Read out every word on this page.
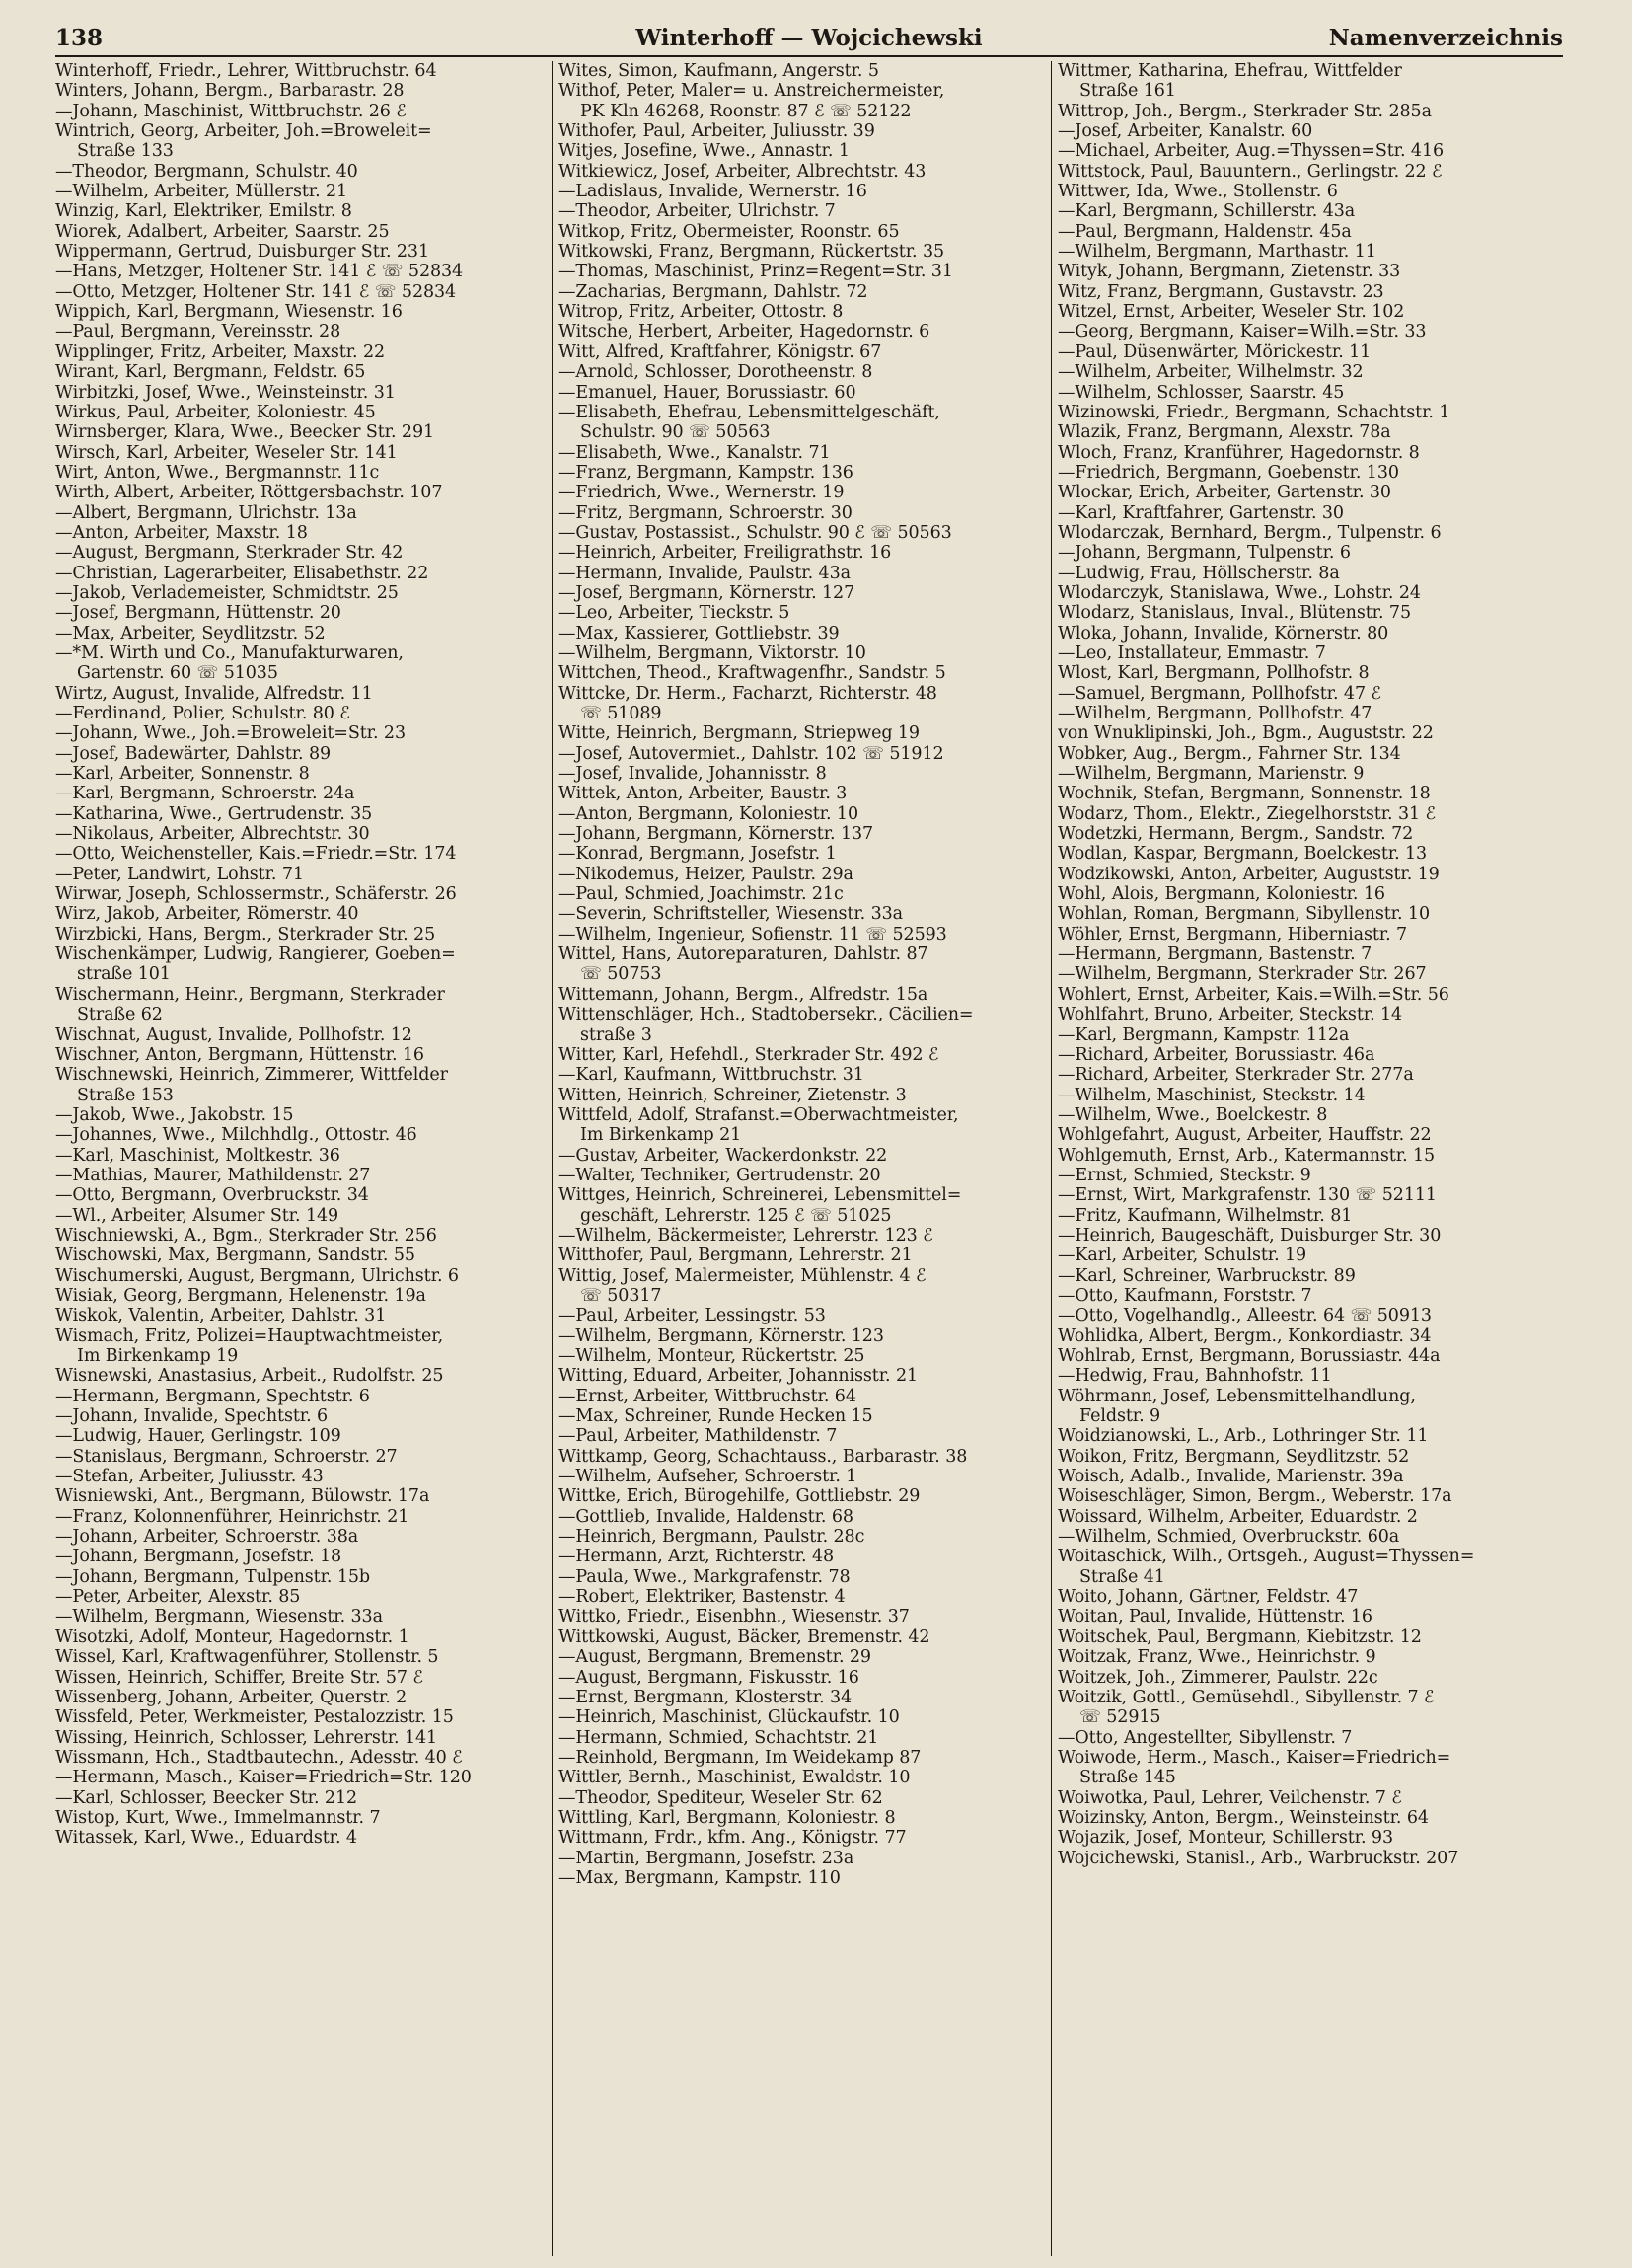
138	Winterhoff — Wojcichewski	Namenverzeichnis
Winterhoff, Friedr., Lehrer, Wittbruchstr. 64
Winters, Johann, Bergm., Barbarastr. 28
—Johann, Maschinist, Wittbruchstr. 26 ℰ
Wintrich, Georg, Arbeiter, Joh.=Broweleit=
Straße 133
—Theodor, Bergmann, Schulstr. 40
—Wilhelm, Arbeiter, Müllerstr. 21
Winzig, Karl, Elektriker, Emilstr. 8
Wiorek, Adalbert, Arbeiter, Saarstr. 25
Wippermann, Gertrud, Duisburger Str. 231
—Hans, Metzger, Holtener Str. 141 ℰ ☏ 52834
—Otto, Metzger, Holtener Str. 141 ℰ ☏ 52834
Wippich, Karl, Bergmann, Wiesenstr. 16
—Paul, Bergmann, Vereinsstr. 28
Wipplinger, Fritz, Arbeiter, Maxstr. 22
Wirant, Karl, Bergmann, Feldstr. 65
Wirbitzki, Josef, Wwe., Weinsteinstr. 31
Wirkus, Paul, Arbeiter, Koloniestr. 45
Wirnsberger, Klara, Wwe., Beecker Str. 291
Wirsch, Karl, Arbeiter, Weseler Str. 141
Wirt, Anton, Wwe., Bergmannstr. 11c
Wirth, Albert, Arbeiter, Röttgersbachstr. 107
—Albert, Bergmann, Ulrichstr. 13a
—Anton, Arbeiter, Maxstr. 18
—August, Bergmann, Sterkrader Str. 42
—Christian, Lagerarbeiter, Elisabethstr. 22
—Jakob, Verlademeister, Schmidtstr. 25
—Josef, Bergmann, Hüttenstr. 20
—Max, Arbeiter, Seydlitzstr. 52
—*M. Wirth und Co., Manufakturwaren,
Gartenstr. 60 ☏ 51035
Wirtz, August, Invalide, Alfredstr. 11
—Ferdinand, Polier, Schulstr. 80 ℰ
—Johann, Wwe., Joh.=Broweleit=Str. 23
—Josef, Badewärter, Dahlstr. 89
—Karl, Arbeiter, Sonnenstr. 8
—Karl, Bergmann, Schroerstr. 24a
—Katharina, Wwe., Gertrudenstr. 35
—Nikolaus, Arbeiter, Albrechtstr. 30
—Otto, Weichensteller, Kais.=Friedr.=Str. 174
—Peter, Landwirt, Lohstr. 71
Wirwar, Joseph, Schlossermstr., Schäferstr. 26
Wirz, Jakob, Arbeiter, Römerstr. 40
Wirzbicki, Hans, Bergm., Sterkrader Str. 25
Wischenkämper, Ludwig, Rangierer, Goeben=
straße 101
Wischermann, Heinr., Bergmann, Sterkrader
Straße 62
Wischnat, August, Invalide, Pollhofstr. 12
Wischner, Anton, Bergmann, Hüttenstr. 16
Wischnewski, Heinrich, Zimmerer, Wittfelder
Straße 153
—Jakob, Wwe., Jakobstr. 15
—Johannes, Wwe., Milchhdlg., Ottostr. 46
—Karl, Maschinist, Moltkestr. 36
—Mathias, Maurer, Mathildenstr. 27
—Otto, Bergmann, Overbruckstr. 34
—Wl., Arbeiter, Alsumer Str. 149
Wischniewski, A., Bgm., Sterkrader Str. 256
Wischowski, Max, Bergmann, Sandstr. 55
Wischumerski, August, Bergmann, Ulrichstr. 6
Wisiak, Georg, Bergmann, Helenenstr. 19a
Wiskok, Valentin, Arbeiter, Dahlstr. 31
Wismach, Fritz, Polizei=Hauptwachtmeister,
Im Birkenkamp 19
Wisnewski, Anastasius, Arbeit., Rudolfstr. 25
—Hermann, Bergmann, Spechtstr. 6
—Johann, Invalide, Spechtstr. 6
—Ludwig, Hauer, Gerlingstr. 109
—Stanislaus, Bergmann, Schroerstr. 27
—Stefan, Arbeiter, Juliusstr. 43
Wisniewski, Ant., Bergmann, Bülowstr. 17a
—Franz, Kolonnenführer, Heinrichstr. 21
—Johann, Arbeiter, Schroerstr. 38a
—Johann, Bergmann, Josefstr. 18
—Johann, Bergmann, Tulpenstr. 15b
—Peter, Arbeiter, Alexstr. 85
—Wilhelm, Bergmann, Wiesenstr. 33a
Wisotzki, Adolf, Monteur, Hagedornstr. 1
Wissel, Karl, Kraftwagenführer, Stollenstr. 5
Wissen, Heinrich, Schiffer, Breite Str. 57 ℰ
Wissenberg, Johann, Arbeiter, Querstr. 2
Wissfeld, Peter, Werkmeister, Pestalozzistr. 15
Wissing, Heinrich, Schlosser, Lehrerstr. 141
Wissmann, Hch., Stadtbautechn., Adesstr. 40 ℰ
—Hermann, Masch., Kaiser=Friedrich=Str. 120
—Karl, Schlosser, Beecker Str. 212
Wistop, Kurt, Wwe., Immelmannstr. 7
Witassek, Karl, Wwe., Eduardstr. 4
Wites, Simon, Kaufmann, Angerstr. 5
Withof, Peter, Maler= u. Anstreichermeister,
PK Kln 46268, Roonstr. 87 ℰ ☏ 52122
Withofer, Paul, Arbeiter, Juliusstr. 39
Witjes, Josefine, Wwe., Annastr. 1
Witkiewicz, Josef, Arbeiter, Albrechtstr. 43
—Ladislaus, Invalide, Wernerstr. 16
—Theodor, Arbeiter, Ulrichstr. 7
Witkop, Fritz, Obermeister, Roonstr. 65
Witkowski, Franz, Bergmann, Rückertstr. 35
—Thomas, Maschinist, Prinz=Regent=Str. 31
—Zacharias, Bergmann, Dahlstr. 72
Witrop, Fritz, Arbeiter, Ottostr. 8
Witsche, Herbert, Arbeiter, Hagedornstr. 6
Witt, Alfred, Kraftfahrer, Königstr. 67
—Arnold, Schlosser, Dorotheenstr. 8
—Emanuel, Hauer, Borussiastr. 60
—Elisabeth, Ehefrau, Lebensmittelgeschäft,
Schulstr. 90 ☏ 50563
—Elisabeth, Wwe., Kanalstr. 71
—Franz, Bergmann, Kampstr. 136
—Friedrich, Wwe., Wernerstr. 19
—Fritz, Bergmann, Schroerstr. 30
—Gustav, Postassist., Schulstr. 90 ℰ ☏ 50563
—Heinrich, Arbeiter, Freiligrathstr. 16
—Hermann, Invalide, Paulstr. 43a
—Josef, Bergmann, Körnerstr. 127
—Leo, Arbeiter, Tieckstr. 5
—Max, Kassierer, Gottliebstr. 39
—Wilhelm, Bergmann, Viktorstr. 10
Wittchen, Theod., Kraftwagenfhr., Sandstr. 5
Wittcke, Dr. Herm., Facharzt, Richterstr. 48
☏ 51089
Witte, Heinrich, Bergmann, Striepweg 19
—Josef, Autovermiet., Dahlstr. 102 ☏ 51912
—Josef, Invalide, Johannisstr. 8
Wittek, Anton, Arbeiter, Baustr. 3
—Anton, Bergmann, Koloniestr. 10
—Johann, Bergmann, Körnerstr. 137
—Konrad, Bergmann, Josefstr. 1
—Nikodemus, Heizer, Paulstr. 29a
—Paul, Schmied, Joachimstr. 21c
—Severin, Schriftsteller, Wiesenstr. 33a
—Wilhelm, Ingenieur, Sofienstr. 11 ☏ 52593
Wittel, Hans, Autoreparaturen, Dahlstr. 87
☏ 50753
Wittemann, Johann, Bergm., Alfredstr. 15a
Wittenschläger, Hch., Stadtobersekr., Cäcilien=
straße 3
Witter, Karl, Hefehdl., Sterkrader Str. 492 ℰ
—Karl, Kaufmann, Wittbruchstr. 31
Witten, Heinrich, Schreiner, Zietenstr. 3
Wittfeld, Adolf, Strafanst.=Oberwachtmeister,
Im Birkenkamp 21
—Gustav, Arbeiter, Wackerdonkstr. 22
—Walter, Techniker, Gertrudenstr. 20
Wittges, Heinrich, Schreinerei, Lebensmittel=
geschäft, Lehrerstr. 125 ℰ ☏ 51025
—Wilhelm, Bäckermeister, Lehrerstr. 123 ℰ
Witthofer, Paul, Bergmann, Lehrerstr. 21
Wittig, Josef, Malermeister, Mühlenstr. 4 ℰ
☏ 50317
—Paul, Arbeiter, Lessingstr. 53
—Wilhelm, Bergmann, Körnerstr. 123
—Wilhelm, Monteur, Rückertstr. 25
Witting, Eduard, Arbeiter, Johannisstr. 21
—Ernst, Arbeiter, Wittbruchstr. 64
—Max, Schreiner, Runde Hecken 15
—Paul, Arbeiter, Mathildenstr. 7
Wittkamp, Georg, Schachtauss., Barbarastr. 38
—Wilhelm, Aufseher, Schroerstr. 1
Wittke, Erich, Bürogehilfe, Gottliebstr. 29
—Gottlieb, Invalide, Haldenstr. 68
—Heinrich, Bergmann, Paulstr. 28c
—Hermann, Arzt, Richterstr. 48
—Paula, Wwe., Markgrafenstr. 78
—Robert, Elektriker, Bastenstr. 4
Wittko, Friedr., Eisenbhn., Wiesenstr. 37
Wittkowski, August, Bäcker, Bremenstr. 42
—August, Bergmann, Bremenstr. 29
—August, Bergmann, Fiskusstr. 16
—Ernst, Bergmann, Klosterstr. 34
—Heinrich, Maschinist, Glückaufstr. 10
—Hermann, Schmied, Schachtstr. 21
—Reinhold, Bergmann, Im Weidekamp 87
Wittler, Bernh., Maschinist, Ewaldstr. 10
—Theodor, Spediteur, Weseler Str. 62
Wittling, Karl, Bergmann, Koloniestr. 8
Wittmann, Frdr., kfm. Ang., Königstr. 77
—Martin, Bergmann, Josefstr. 23a
—Max, Bergmann, Kampstr. 110
Wittmer, Katharina, Ehefrau, Wittfelder
Straße 161
Wittrop, Joh., Bergm., Sterkrader Str. 285a
—Josef, Arbeiter, Kanalstr. 60
—Michael, Arbeiter, Aug.=Thyssen=Str. 416
Wittstock, Paul, Bauuntern., Gerlingstr. 22 ℰ
Wittwer, Ida, Wwe., Stollenstr. 6
—Karl, Bergmann, Schillerstr. 43a
—Paul, Bergmann, Haldenstr. 45a
—Wilhelm, Bergmann, Marthastr. 11
Wityk, Johann, Bergmann, Zietenstr. 33
Witz, Franz, Bergmann, Gustavstr. 23
Witzel, Ernst, Arbeiter, Weseler Str. 102
—Georg, Bergmann, Kaiser=Wilh.=Str. 33
—Paul, Düsenwärter, Mörickestr. 11
—Wilhelm, Arbeiter, Wilhelmstr. 32
—Wilhelm, Schlosser, Saarstr. 45
Wizinowski, Friedr., Bergmann, Schachtstr. 1
Wlazik, Franz, Bergmann, Alexstr. 78a
Wloch, Franz, Kranführer, Hagedornstr. 8
—Friedrich, Bergmann, Goebenstr. 130
Wlockar, Erich, Arbeiter, Gartenstr. 30
—Karl, Kraftfahrer, Gartenstr. 30
Wlodarczak, Bernhard, Bergm., Tulpenstr. 6
—Johann, Bergmann, Tulpenstr. 6
—Ludwig, Frau, Höllscherstr. 8a
Wlodarczyk, Stanislawa, Wwe., Lohstr. 24
Wlodarz, Stanislaus, Inval., Blütenstr. 75
Wloka, Johann, Invalide, Körnerstr. 80
—Leo, Installateur, Emmastr. 7
Wlost, Karl, Bergmann, Pollhofstr. 8
—Samuel, Bergmann, Pollhofstr. 47 ℰ
—Wilhelm, Bergmann, Pollhofstr. 47
von Wnuklipinski, Joh., Bgm., Auguststr. 22
Wobker, Aug., Bergm., Fahrner Str. 134
—Wilhelm, Bergmann, Marienstr. 9
Wochnik, Stefan, Bergmann, Sonnenstr. 18
Wodarz, Thom., Elektr., Ziegelhorststr. 31 ℰ
Wodetzki, Hermann, Bergm., Sandstr. 72
Wodlan, Kaspar, Bergmann, Boelckestr. 13
Wodzikowski, Anton, Arbeiter, Auguststr. 19
Wohl, Alois, Bergmann, Koloniestr. 16
Wohlan, Roman, Bergmann, Sibyllenstr. 10
Wöhler, Ernst, Bergmann, Hiberniastr. 7
—Hermann, Bergmann, Bastenstr. 7
—Wilhelm, Bergmann, Sterkrader Str. 267
Wohlert, Ernst, Arbeiter, Kais.=Wilh.=Str. 56
Wohlfahrt, Bruno, Arbeiter, Steckstr. 14
—Karl, Bergmann, Kampstr. 112a
—Richard, Arbeiter, Borussiastr. 46a
—Richard, Arbeiter, Sterkrader Str. 277a
—Wilhelm, Maschinist, Steckstr. 14
—Wilhelm, Wwe., Boelckestr. 8
Wohlgefahrt, August, Arbeiter, Hauffstr. 22
Wohlgemuth, Ernst, Arb., Katermannstr. 15
—Ernst, Schmied, Steckstr. 9
—Ernst, Wirt, Markgrafenstr. 130 ☏ 52111
—Fritz, Kaufmann, Wilhelmstr. 81
—Heinrich, Baugeschäft, Duisburger Str. 30
—Karl, Arbeiter, Schulstr. 19
—Karl, Schreiner, Warbruckstr. 89
—Otto, Kaufmann, Forststr. 7
—Otto, Vogelhandlg., Alleestr. 64 ☏ 50913
Wohlidka, Albert, Bergm., Konkordiastr. 34
Wohlrab, Ernst, Bergmann, Borussiastr. 44a
—Hedwig, Frau, Bahnhofstr. 11
Wöhrmann, Josef, Lebensmittelhandlung,
Feldstr. 9
Woidzianowski, L., Arb., Lothringer Str. 11
Woikon, Fritz, Bergmann, Seydlitzstr. 52
Woisch, Adalb., Invalide, Marienstr. 39a
Woiseschläger, Simon, Bergm., Weberstr. 17a
Woissard, Wilhelm, Arbeiter, Eduardstr. 2
—Wilhelm, Schmied, Overbruckstr. 60a
Woitaschick, Wilh., Ortsgeh., August=Thyssen=
Straße 41
Woito, Johann, Gärtner, Feldstr. 47
Woitan, Paul, Invalide, Hüttenstr. 16
Woitschek, Paul, Bergmann, Kiebitzstr. 12
Woitzak, Franz, Wwe., Heinrichstr. 9
Woitzek, Joh., Zimmerer, Paulstr. 22c
Woitzik, Gottl., Gemüsehdl., Sibyllenstr. 7 ℰ
☏ 52915
—Otto, Angestellter, Sibyllenstr. 7
Woiwode, Herm., Masch., Kaiser=Friedrich=
Straße 145
Woiwotka, Paul, Lehrer, Veilchenstr. 7 ℰ
Woizinsky, Anton, Bergm., Weinsteinstr. 64
Wojazik, Josef, Monteur, Schillerstr. 93
Wojcichewski, Stanisl., Arb., Warbruckstr. 207
